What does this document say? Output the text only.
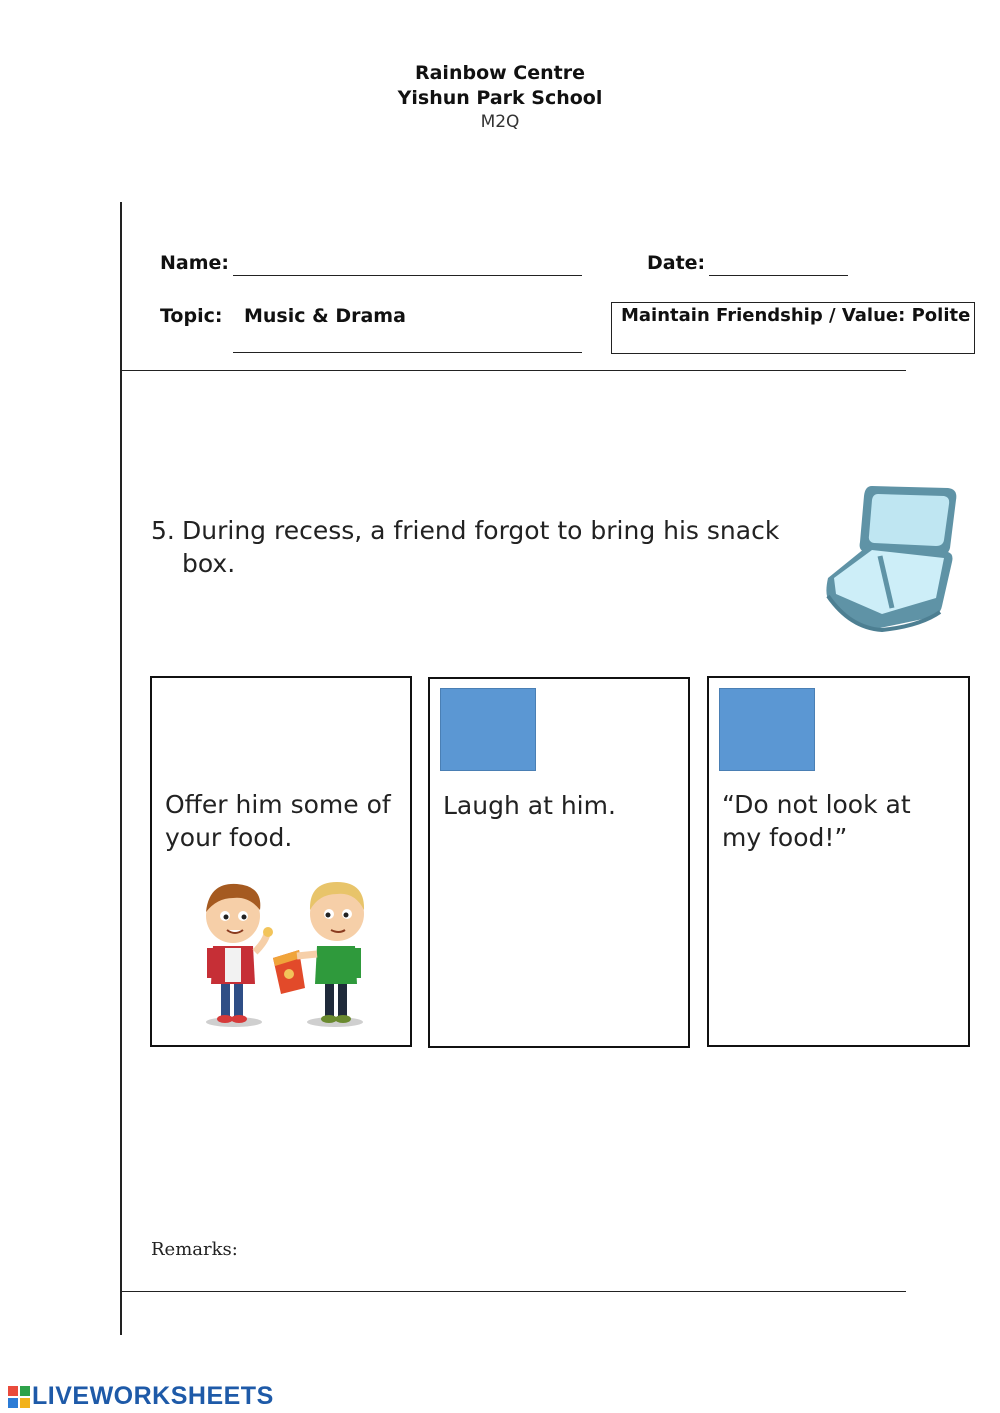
Rainbow Centre
Yishun Park School
M2Q
Name:	Date:
Topic: Music & Drama	Maintain Friendship / Value: Polite
5. During recess, a friend forgot to bring his snack
box.
Offer him some of
your food.
Laugh at him.	“Do not look at
my food!”
Remarks:
LIVEWORKSHEETS
